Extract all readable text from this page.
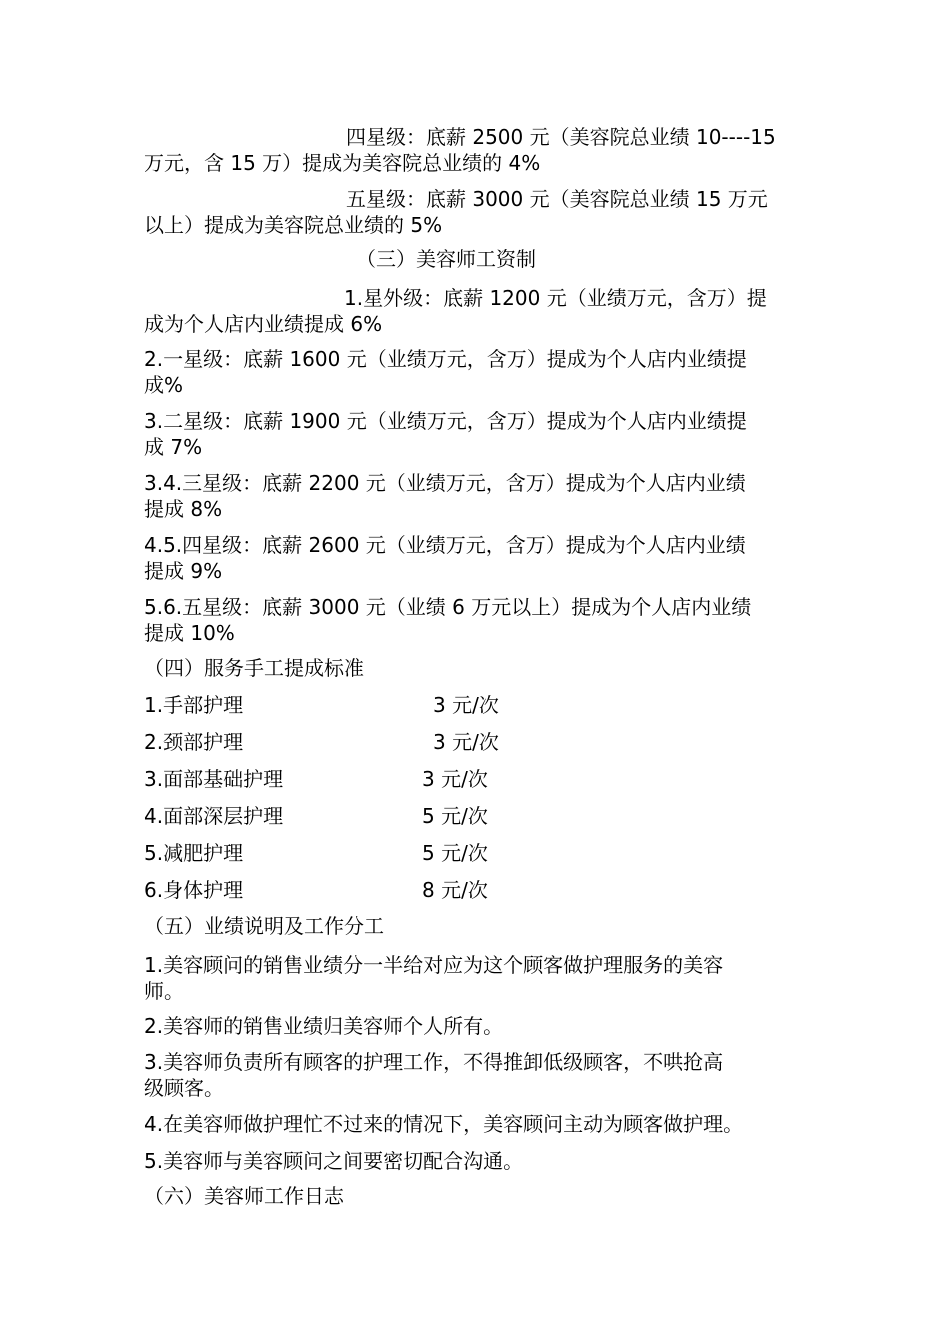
四星级：底薪 2500 元（美容院总业绩 10----15
万元，含 15 万）提成为美容院总业绩的 4%
五星级：底薪 3000 元（美容院总业绩 15 万元
以上）提成为美容院总业绩的 5%
（三）美容师工资制
1.星外级：底薪 1200 元（业绩万元，含万）提
成为个人店内业绩提成 6%
2.一星级：底薪 1600 元（业绩万元，含万）提成为个人店内业绩提
成%
3.二星级：底薪 1900 元（业绩万元，含万）提成为个人店内业绩提
成 7%
3.4.三星级：底薪 2200 元（业绩万元，含万）提成为个人店内业绩
提成 8%
4.5.四星级：底薪 2600 元（业绩万元，含万）提成为个人店内业绩
提成 9%
5.6.五星级：底薪 3000 元（业绩 6 万元以上）提成为个人店内业绩
提成 10%
（四）服务手工提成标准
1.手部护理	3 元/次
2.颈部护理	3 元/次
3.面部基础护理	3 元/次
4.面部深层护理	5 元/次
5.减肥护理	5 元/次
6.身体护理	8 元/次
（五）业绩说明及工作分工
1.美容顾问的销售业绩分一半给对应为这个顾客做护理服务的美容
师。
2.美容师的销售业绩归美容师个人所有。
3.美容师负责所有顾客的护理工作，不得推卸低级顾客，不哄抢高
级顾客。
4.在美容师做护理忙不过来的情况下，美容顾问主动为顾客做护理。
5.美容师与美容顾问之间要密切配合沟通。
（六）美容师工作日志
